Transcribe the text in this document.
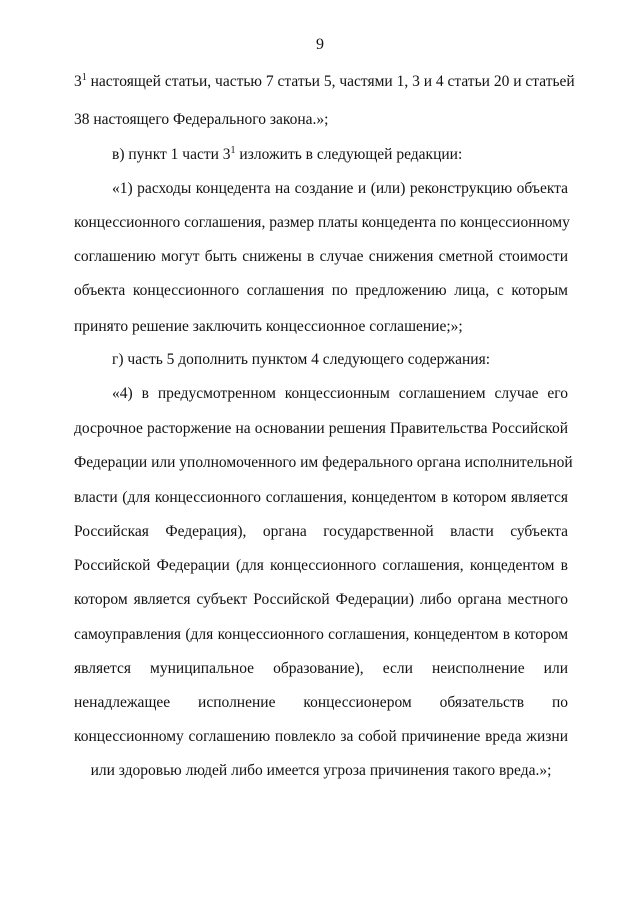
9
$3^1$ настоящей статьи, частью 7 статьи 5, частями 1, 3 и 4 статьи 20 и статьей
38 настоящего Федерального закона.»;
в) пункт 1 части $3^1$ изложить в следующей редакции:
«1) расходы концедента на создание и (или) реконструкцию объекта
концессионного соглашения, размер платы концедента по концессионному
соглашению могут быть снижены в случае снижения сметной стоимости
объекта концессионного соглашения по предложению лица, с которым
принято решение заключить концессионное соглашение;»;
г) часть 5 дополнить пунктом 4 следующего содержания:
«4) в предусмотренном концессионным соглашением случае его
досрочное расторжение на основании решения Правительства Российской
Федерации или уполномоченного им федерального органа исполнительной
власти (для концессионного соглашения, концедентом в котором является
Российская Федерация), органа государственной власти субъекта
Российской Федерации (для концессионного соглашения, концедентом в
котором является субъект Российской Федерации) либо органа местного
самоуправления (для концессионного соглашения, концедентом в котором
является муниципальное образование), если неисполнение или
ненадлежащее исполнение концессионером обязательств по
концессионному соглашению повлекло за собой причинение вреда жизни
или здоровью людей либо имеется угроза причинения такого вреда.»;
